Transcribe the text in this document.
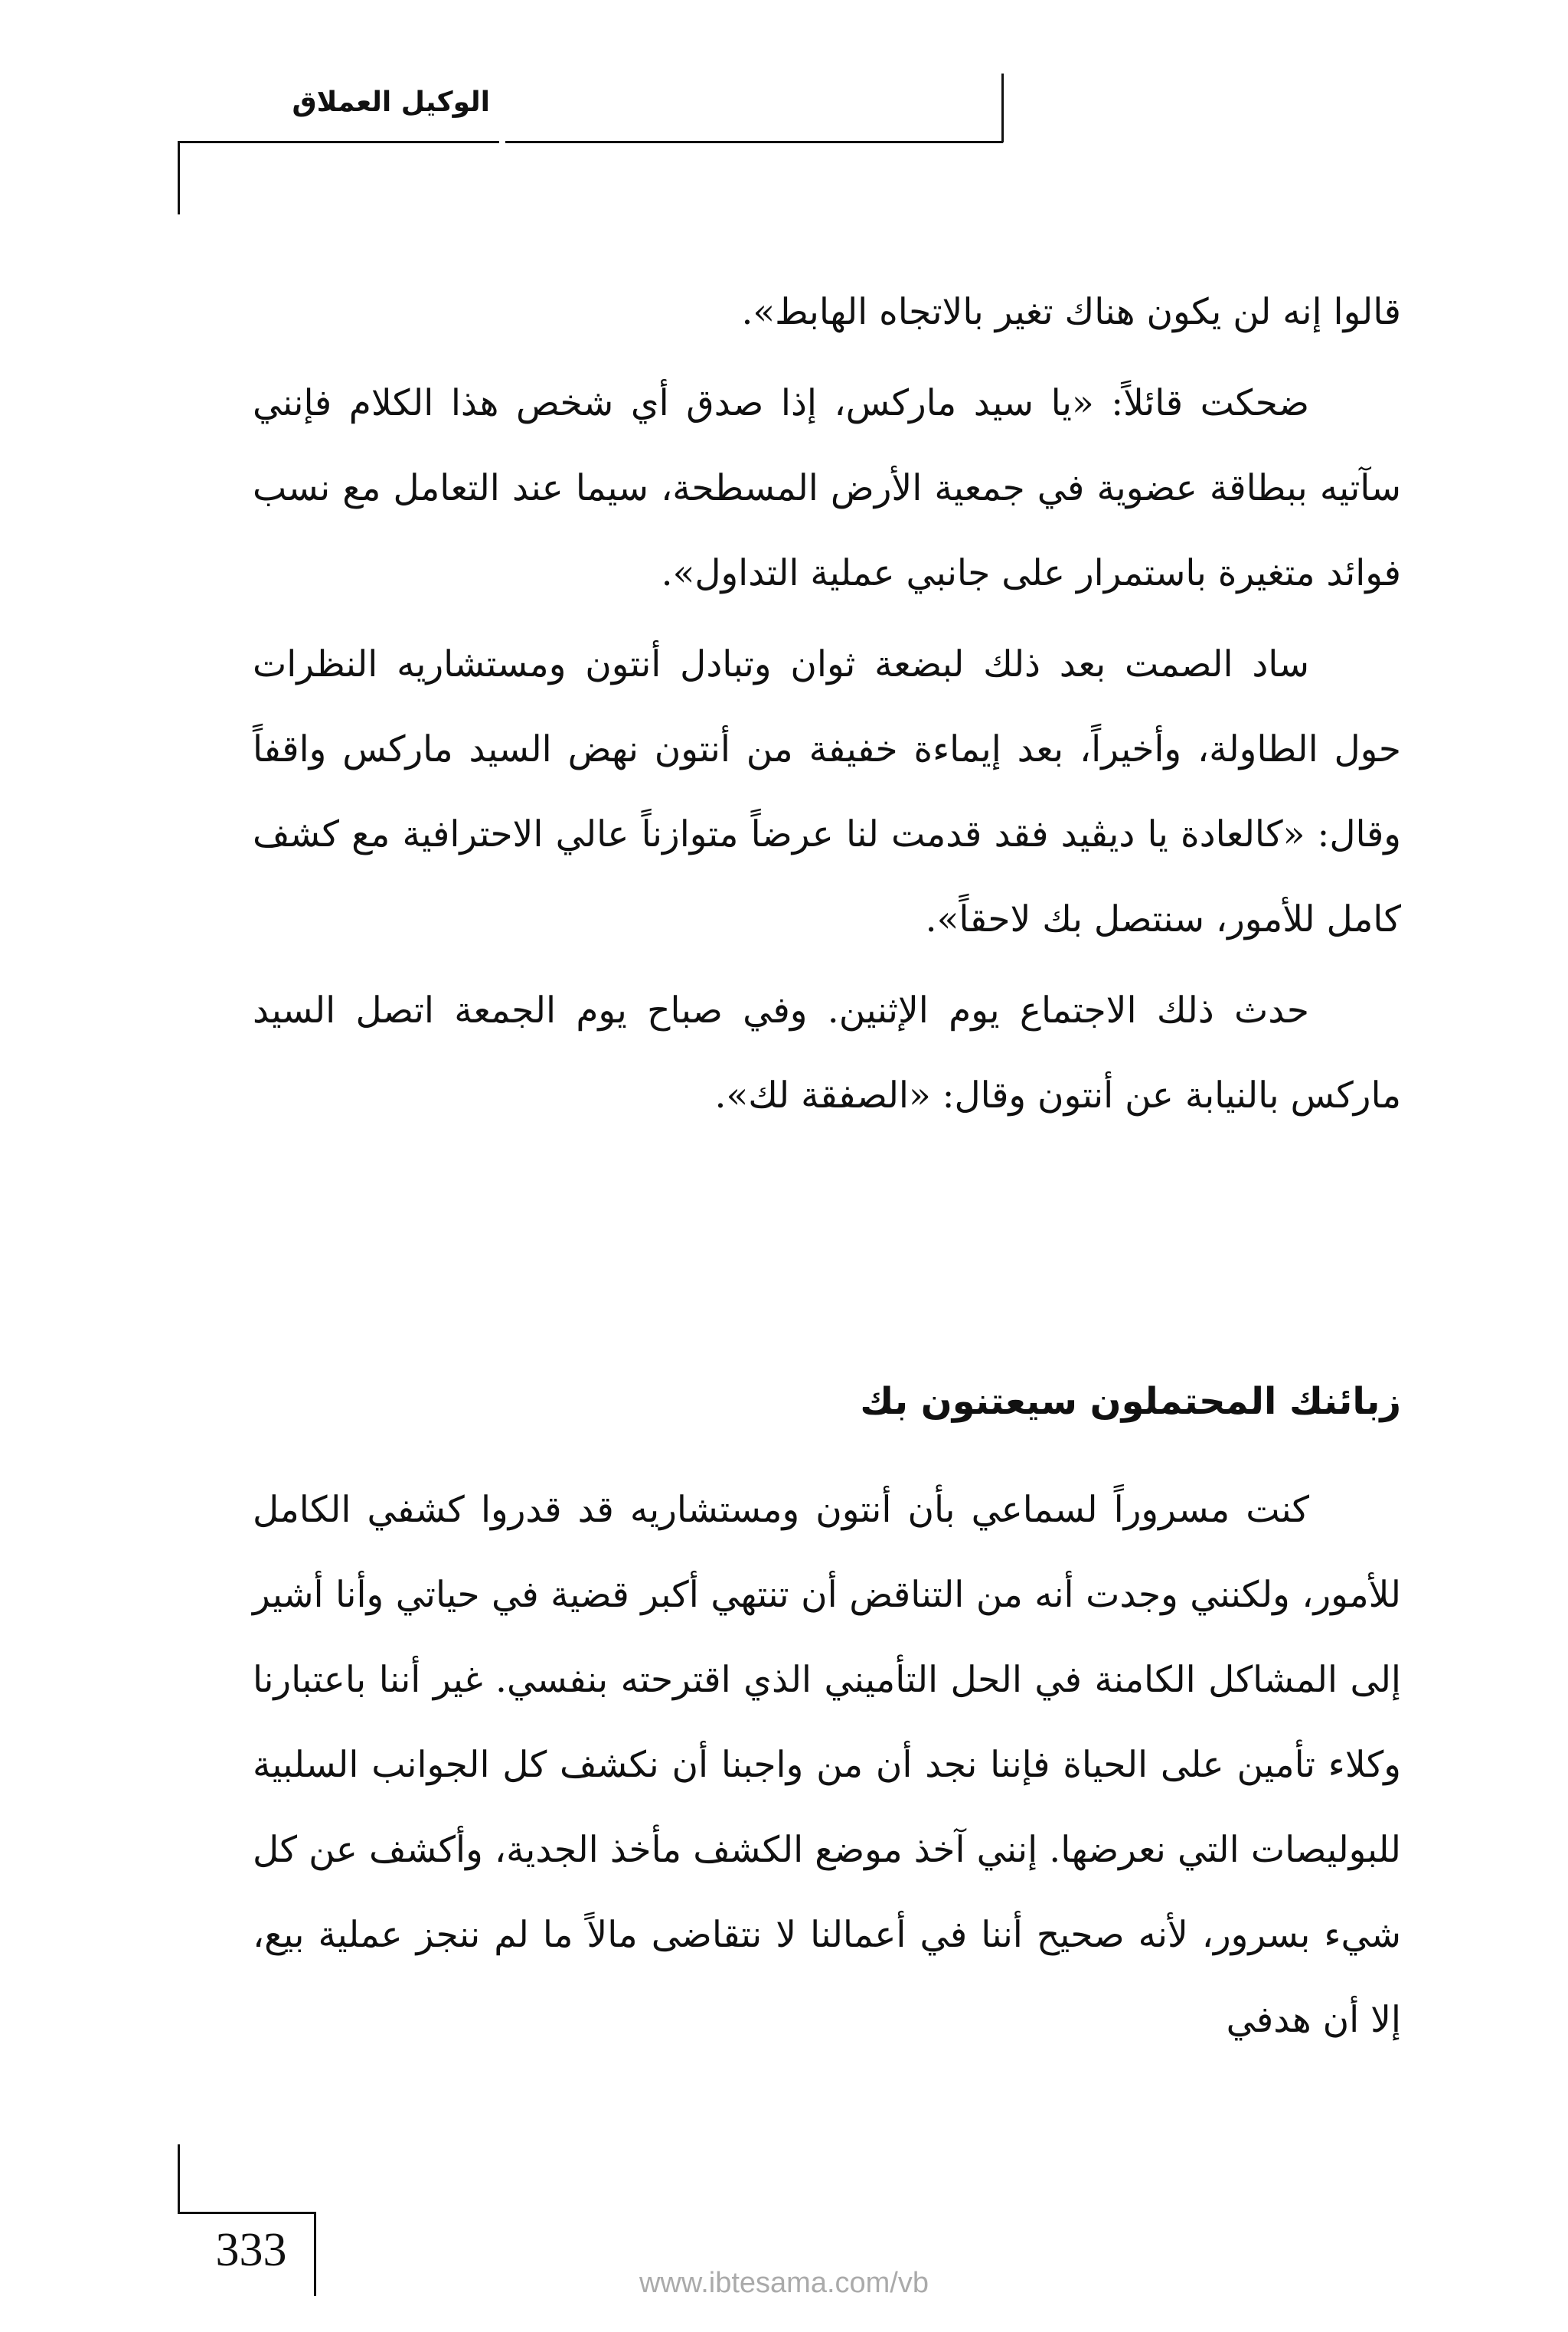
الوكيل العملاق

قالوا إنه لن يكون هناك تغير بالاتجاه الهابط».

ضحكت قائلاً: «يا سيد ماركس، إذا صدق أي شخص هذا الكلام فإنني سآتيه ببطاقة عضوية في جمعية الأرض المسطحة، سيما عند التعامل مع نسب فوائد متغيرة باستمرار على جانبي عملية التداول».

ساد الصمت بعد ذلك لبضعة ثوان وتبادل أنتون ومستشاريه النظرات حول الطاولة، وأخيراً، بعد إيماءة خفيفة من أنتون نهض السيد ماركس واقفاً وقال: «كالعادة يا ديڤيد فقد قدمت لنا عرضاً متوازناً عالي الاحترافية مع كشف كامل للأمور، سنتصل بك لاحقاً».

حدث ذلك الاجتماع يوم الإثنين. وفي صباح يوم الجمعة اتصل السيد ماركس بالنيابة عن أنتون وقال: «الصفقة لك».

زبائنك المحتملون سيعتنون بك

كنت مسروراً لسماعي بأن أنتون ومستشاريه قد قدروا كشفي الكامل للأمور، ولكنني وجدت أنه من التناقض أن تنتهي أكبر قضية في حياتي وأنا أشير إلى المشاكل الكامنة في الحل التأميني الذي اقترحته بنفسي. غير أننا باعتبارنا وكلاء تأمين على الحياة فإننا نجد أن من واجبنا أن نكشف كل الجوانب السلبية للبوليصات التي نعرضها. إنني آخذ موضع الكشف مأخذ الجدية، وأكشف عن كل شيء بسرور، لأنه صحيح أننا في أعمالنا لا نتقاضى مالاً ما لم ننجز عملية بيع، إلا أن هدفي

333
www.ibtesama.com/vb
